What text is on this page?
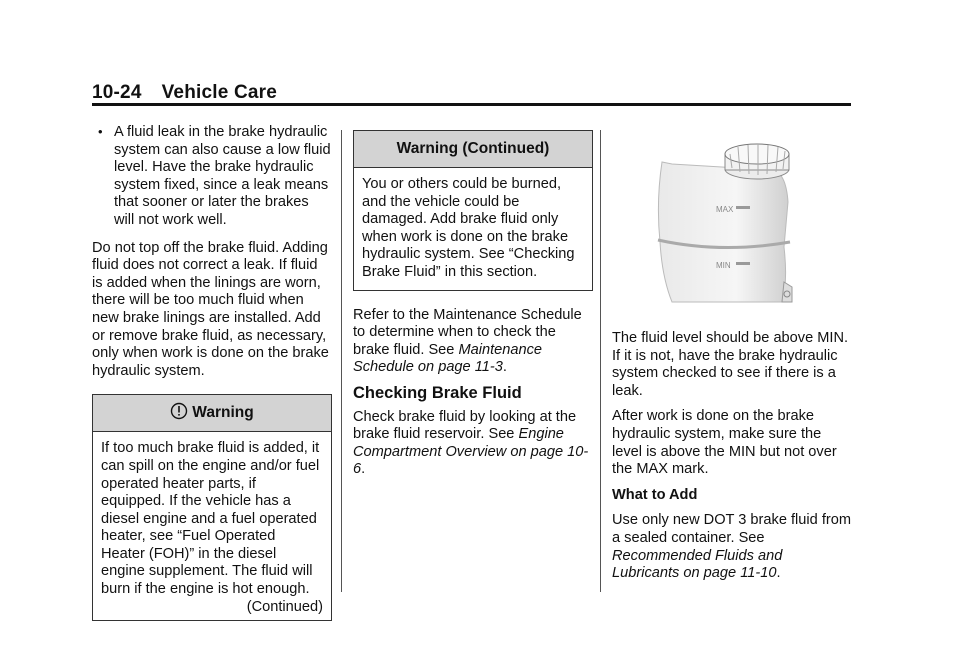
10-24 Vehicle Care
• A fluid leak in the brake hydraulic system can also cause a low fluid level. Have the brake hydraulic system fixed, since a leak means that sooner or later the brakes will not work well.

Do not top off the brake fluid. Adding fluid does not correct a leak. If fluid is added when the linings are worn, there will be too much fluid when new brake linings are installed. Add or remove brake fluid, as necessary, only when work is done on the brake hydraulic system.

Warning
If too much brake fluid is added, it can spill on the engine and/or fuel operated heater parts, if equipped. If the vehicle has a diesel engine and a fuel operated heater, see “Fuel Operated Heater (FOH)” in the diesel engine supplement. The fluid will burn if the engine is hot enough.
(Continued)
Warning (Continued)
You or others could be burned, and the vehicle could be damaged. Add brake fluid only when work is done on the brake hydraulic system. See “Checking Brake Fluid” in this section.

Refer to the Maintenance Schedule to determine when to check the brake fluid. See Maintenance Schedule on page 11-3.

Checking Brake Fluid

Check brake fluid by looking at the brake fluid reservoir. See Engine Compartment Overview on page 10-6.

MAX
MIN

The fluid level should be above MIN. If it is not, have the brake hydraulic system checked to see if there is a leak.

After work is done on the brake hydraulic system, make sure the level is above the MIN but not over the MAX mark.

What to Add

Use only new DOT 3 brake fluid from a sealed container. See Recommended Fluids and Lubricants on page 11-10.
